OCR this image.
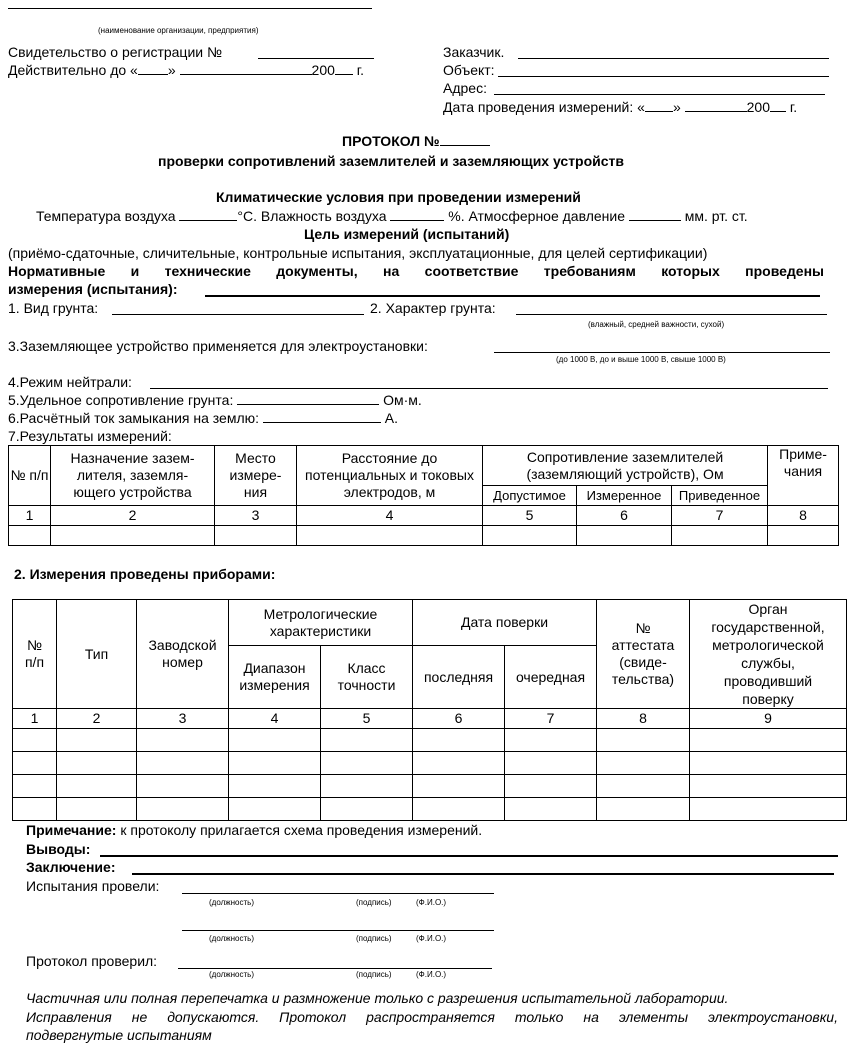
(наименование организации, предприятия)
Свидетельство о регистрации №
Действительно до « »	200 г.
Заказчик.
Объект:
Адрес:
Дата проведения измерений: « »	200 г.
ПРОТОКОЛ №
проверки сопротивлений заземлителей и заземляющих устройств
Климатические условия при проведении измерений
Температура воздуха	°С. Влажность воздуха	%. Атмосферное давление	мм. рт. ст.
Цель измерений (испытаний)
(приёмо-сдаточные, сличительные, контрольные испытания, эксплуатационные, для целей сертификации)
Нормативные и технические документы, на соответствие требованиям которых проведены
измерения (испытания):
1. Вид грунта:	2. Характер грунта:
(влажный, средней важности, сухой)
3.Заземляющее устройство применяется для электроустановки:
(до 1000 В, до и выше 1000 В, свыше 1000 В)
4.Режим нейтрали:
5.Удельное сопротивление грунта:	Ом·м.
6.Расчётный ток замыкания на землю:	А.
7.Результаты измерений:
№ п/п	Назначение зазем-лителя, заземля-ющего устройства	Место измере-ния	Расстояние до потенциальных и токовых электродов, м	Сопротивление заземлителей (заземляющий устройств), Ом			Приме-чания
				Допустимое	Измеренное	Приведенное	
1	2	3	4	5	6	7	8

2. Измерения проведены приборами:
№ п/п	Тип	Заводской номер	Метрологические характеристики		Дата поверки		№ аттестата (свиде-тельства)	Орган государственной, метрологической службы, проводивший поверку
			Диапазон измерения	Класс точности	последняя	очередная		
1	2	3	4	5	6	7	8	9

Примечание: к протоколу прилагается схема проведения измерений.
Выводы:
Заключение:
Испытания провели:
(должность)	(подпись)	(Ф.И.О.)
(должность)	(подпись)	(Ф.И.О.)
Протокол проверил:
(должность)	(подпись)	(Ф.И.О.)
Частичная или полная перепечатка и размножение только с разрешения испытательной лаборатории.
Исправления не допускаются. Протокол распространяется только на элементы электроустановки,
подвергнутые испытаниям
